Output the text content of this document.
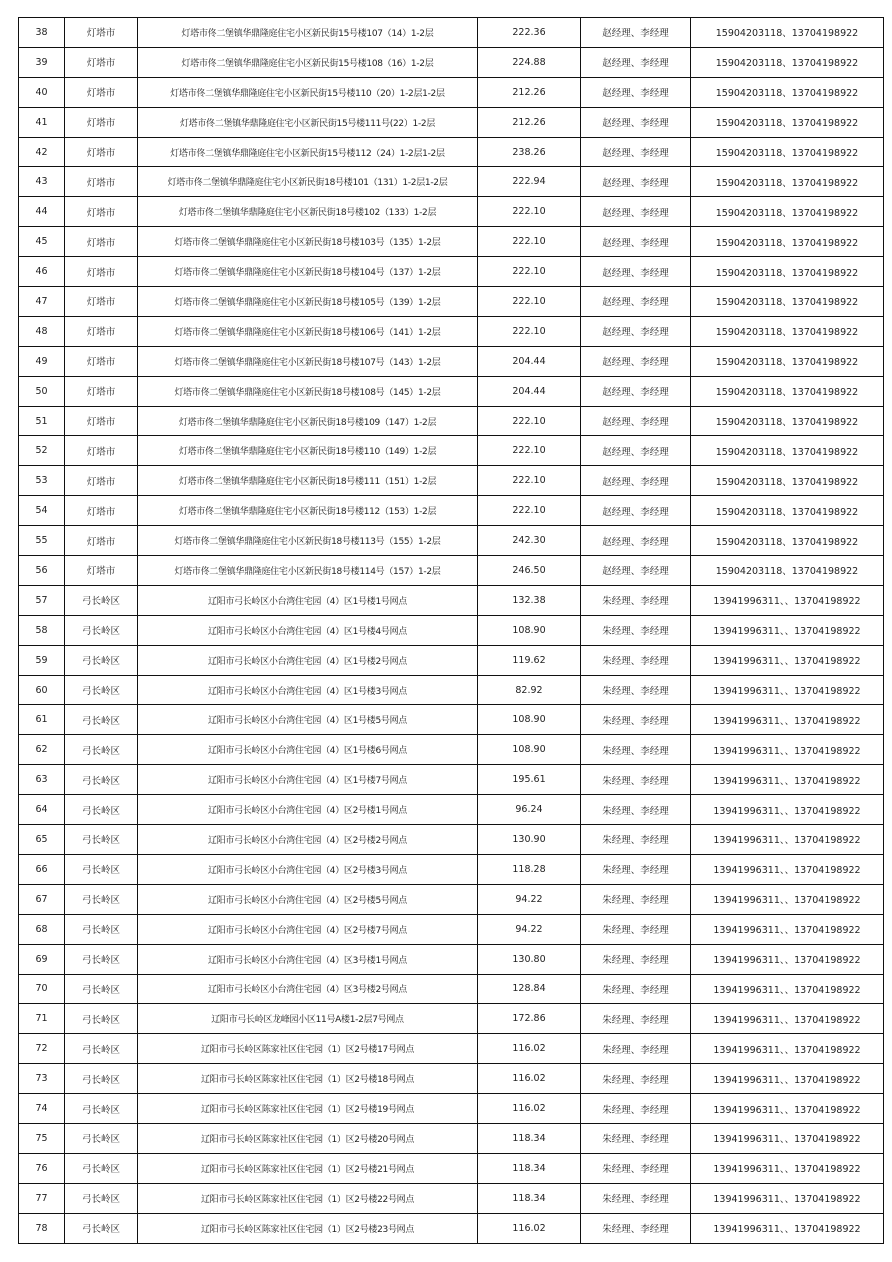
38	灯塔市	灯塔市佟二堡镇华鼎隆庭住宅小区新民街15号楼107（14）1-2层	222.36	赵经理、李经理	15904203118、13704198922
39	灯塔市	灯塔市佟二堡镇华鼎隆庭住宅小区新民街15号楼108（16）1-2层	224.88	赵经理、李经理	15904203118、13704198922
40	灯塔市	灯塔市佟二堡镇华鼎隆庭住宅小区新民街15号楼110（20）1-2层1-2层	212.26	赵经理、李经理	15904203118、13704198922
41	灯塔市	灯塔市佟二堡镇华鼎隆庭住宅小区新民街15号楼111号(22）1-2层	212.26	赵经理、李经理	15904203118、13704198922
42	灯塔市	灯塔市佟二堡镇华鼎隆庭住宅小区新民街15号楼112（24）1-2层1-2层	238.26	赵经理、李经理	15904203118、13704198922
43	灯塔市	灯塔市佟二堡镇华鼎隆庭住宅小区新民街18号楼101（131）1-2层1-2层	222.94	赵经理、李经理	15904203118、13704198922
44	灯塔市	灯塔市佟二堡镇华鼎隆庭住宅小区新民街18号楼102（133）1-2层	222.10	赵经理、李经理	15904203118、13704198922
45	灯塔市	灯塔市佟二堡镇华鼎隆庭住宅小区新民街18号楼103号（135）1-2层	222.10	赵经理、李经理	15904203118、13704198922
46	灯塔市	灯塔市佟二堡镇华鼎隆庭住宅小区新民街18号楼104号（137）1-2层	222.10	赵经理、李经理	15904203118、13704198922
47	灯塔市	灯塔市佟二堡镇华鼎隆庭住宅小区新民街18号楼105号（139）1-2层	222.10	赵经理、李经理	15904203118、13704198922
48	灯塔市	灯塔市佟二堡镇华鼎隆庭住宅小区新民街18号楼106号（141）1-2层	222.10	赵经理、李经理	15904203118、13704198922
49	灯塔市	灯塔市佟二堡镇华鼎隆庭住宅小区新民街18号楼107号（143）1-2层	204.44	赵经理、李经理	15904203118、13704198922
50	灯塔市	灯塔市佟二堡镇华鼎隆庭住宅小区新民街18号楼108号（145）1-2层	204.44	赵经理、李经理	15904203118、13704198922
51	灯塔市	灯塔市佟二堡镇华鼎隆庭住宅小区新民街18号楼109（147）1-2层	222.10	赵经理、李经理	15904203118、13704198922
52	灯塔市	灯塔市佟二堡镇华鼎隆庭住宅小区新民街18号楼110（149）1-2层	222.10	赵经理、李经理	15904203118、13704198922
53	灯塔市	灯塔市佟二堡镇华鼎隆庭住宅小区新民街18号楼111（151）1-2层	222.10	赵经理、李经理	15904203118、13704198922
54	灯塔市	灯塔市佟二堡镇华鼎隆庭住宅小区新民街18号楼112（153）1-2层	222.10	赵经理、李经理	15904203118、13704198922
55	灯塔市	灯塔市佟二堡镇华鼎隆庭住宅小区新民街18号楼113号（155）1-2层	242.30	赵经理、李经理	15904203118、13704198922
56	灯塔市	灯塔市佟二堡镇华鼎隆庭住宅小区新民街18号楼114号（157）1-2层	246.50	赵经理、李经理	15904203118、13704198922
57	弓长岭区	辽阳市弓长岭区小台湾住宅园（4）区1号楼1号网点	132.38	朱经理、李经理	13941996311、、13704198922
58	弓长岭区	辽阳市弓长岭区小台湾住宅园（4）区1号楼4号网点	108.90	朱经理、李经理	13941996311、、13704198922
59	弓长岭区	辽阳市弓长岭区小台湾住宅园（4）区1号楼2号网点	119.62	朱经理、李经理	13941996311、、13704198922
60	弓长岭区	辽阳市弓长岭区小台湾住宅园（4）区1号楼3号网点	82.92	朱经理、李经理	13941996311、、13704198922
61	弓长岭区	辽阳市弓长岭区小台湾住宅园（4）区1号楼5号网点	108.90	朱经理、李经理	13941996311、、13704198922
62	弓长岭区	辽阳市弓长岭区小台湾住宅园（4）区1号楼6号网点	108.90	朱经理、李经理	13941996311、、13704198922
63	弓长岭区	辽阳市弓长岭区小台湾住宅园（4）区1号楼7号网点	195.61	朱经理、李经理	13941996311、、13704198922
64	弓长岭区	辽阳市弓长岭区小台湾住宅园（4）区2号楼1号网点	96.24	朱经理、李经理	13941996311、、13704198922
65	弓长岭区	辽阳市弓长岭区小台湾住宅园（4）区2号楼2号网点	130.90	朱经理、李经理	13941996311、、13704198922
66	弓长岭区	辽阳市弓长岭区小台湾住宅园（4）区2号楼3号网点	118.28	朱经理、李经理	13941996311、、13704198922
67	弓长岭区	辽阳市弓长岭区小台湾住宅园（4）区2号楼5号网点	94.22	朱经理、李经理	13941996311、、13704198922
68	弓长岭区	辽阳市弓长岭区小台湾住宅园（4）区2号楼7号网点	94.22	朱经理、李经理	13941996311、、13704198922
69	弓长岭区	辽阳市弓长岭区小台湾住宅园（4）区3号楼1号网点	130.80	朱经理、李经理	13941996311、、13704198922
70	弓长岭区	辽阳市弓长岭区小台湾住宅园（4）区3号楼2号网点	128.84	朱经理、李经理	13941996311、、13704198922
71	弓长岭区	辽阳市弓长岭区龙峰园小区11号A楼1-2层7号网点	172.86	朱经理、李经理	13941996311、、13704198922
72	弓长岭区	辽阳市弓长岭区陈家社区住宅园（1）区2号楼17号网点	116.02	朱经理、李经理	13941996311、、13704198922
73	弓长岭区	辽阳市弓长岭区陈家社区住宅园（1）区2号楼18号网点	116.02	朱经理、李经理	13941996311、、13704198922
74	弓长岭区	辽阳市弓长岭区陈家社区住宅园（1）区2号楼19号网点	116.02	朱经理、李经理	13941996311、、13704198922
75	弓长岭区	辽阳市弓长岭区陈家社区住宅园（1）区2号楼20号网点	118.34	朱经理、李经理	13941996311、、13704198922
76	弓长岭区	辽阳市弓长岭区陈家社区住宅园（1）区2号楼21号网点	118.34	朱经理、李经理	13941996311、、13704198922
77	弓长岭区	辽阳市弓长岭区陈家社区住宅园（1）区2号楼22号网点	118.34	朱经理、李经理	13941996311、、13704198922
78	弓长岭区	辽阳市弓长岭区陈家社区住宅园（1）区2号楼23号网点	116.02	朱经理、李经理	13941996311、、13704198922
